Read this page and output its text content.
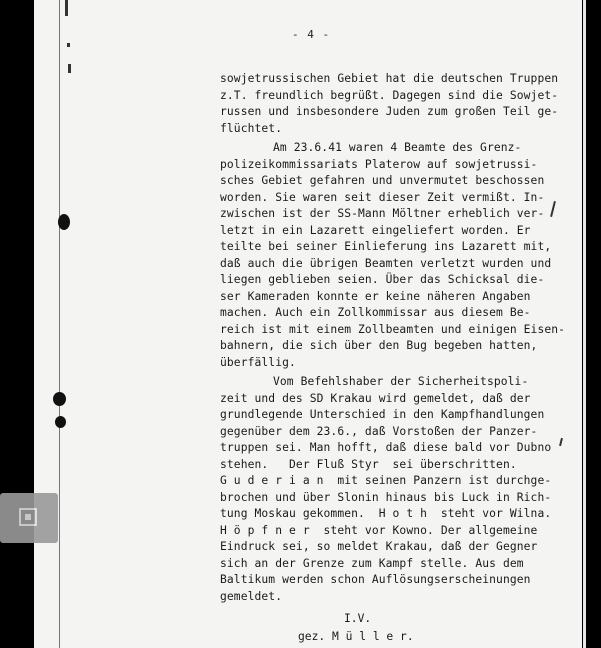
- 4 -
sowjetrussischen Gebiet hat die deutschen Truppen
z.T. freundlich begrüßt. Dagegen sind die Sowjet-
russen und insbesondere Juden zum großen Teil ge-
flüchtet.
Am 23.6.41 waren 4 Beamte des Grenz-
polizeikommissariats Platerow auf sowjetrussi-
sches Gebiet gefahren und unvermutet beschossen
worden. Sie waren seit dieser Zeit vermißt. In-
zwischen ist der SS-Mann Möltner erheblich ver-
letzt in ein Lazarett eingeliefert worden. Er
teilte bei seiner Einlieferung ins Lazarett mit,
daß auch die übrigen Beamten verletzt wurden und
liegen geblieben seien. Über das Schicksal die-
ser Kameraden konnte er keine näheren Angaben
machen. Auch ein Zollkommissar aus diesem Be-
reich ist mit einem Zollbeamten und einigen Eisen-
bahnern, die sich über den Bug begeben hatten,
überfällig.
Vom Befehlshaber der Sicherheitspoli-
zeit und des SD Krakau wird gemeldet, daß der
grundlegende Unterschied in den Kampfhandlungen
gegenüber dem 23.6., daß Vorstoßen der Panzer-
truppen sei. Man hofft, daß diese bald vor Dubno
stehen.   Der Fluß Styr  sei überschritten.
G u d e r i a n  mit seinen Panzern ist durchge-
brochen und über Slonin hinaus bis Luck in Rich-
tung Moskau gekommen.  H o t h  steht vor Wilna.
H ö p f n e r  steht vor Kowno. Der allgemeine
Eindruck sei, so meldet Krakau, daß der Gegner
sich an der Grenze zum Kampf stelle. Aus dem
Baltikum werden schon Auflösungserscheinungen
gemeldet.
I.V.
gez. M ü l l e r.
